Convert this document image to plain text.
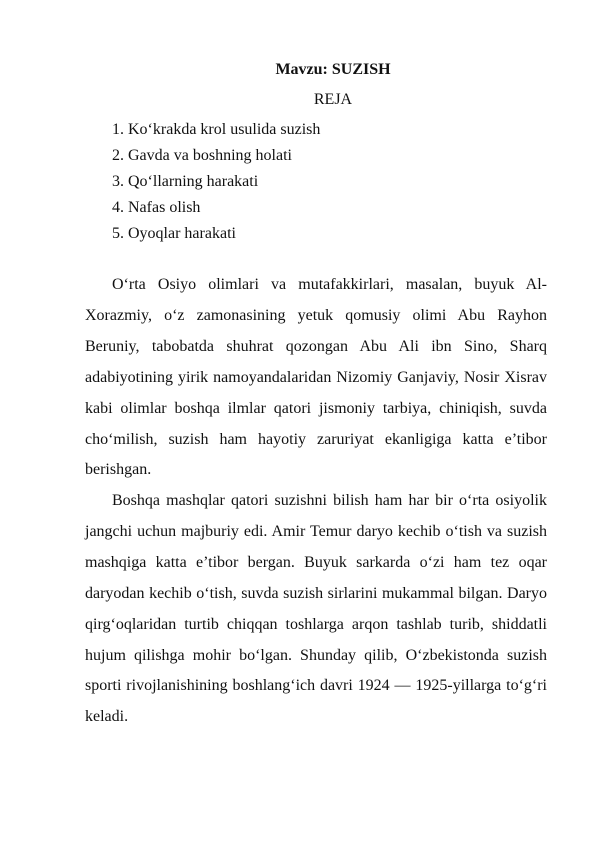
Mavzu: SUZISH
REJA
1. Ko‘krakda krol usulida suzish
2. Gavda va boshning holati
3. Qo‘llarning harakati
4. Nafas olish
5. Oyoqlar harakati

O‘rta Osiyo olimlari va mutafakkirlari, masalan, buyuk Al-Xorazmiy, o‘z zamonasining yetuk qomusiy olimi Abu Rayhon Beruniy, tabobatda shuhrat qozongan Abu Ali ibn Sino, Sharq adabiyotining yirik namoyandalaridan Nizomiy Ganjaviy, Nosir Xisrav kabi olimlar boshqa ilmlar qatori jismoniy tarbiya, chiniqish, suvda cho‘milish, suzish ham hayotiy zaruriyat ekanligiga katta e’tibor berishgan.

Boshqa mashqlar qatori suzishni bilish ham har bir o‘rta osiyolik jangchi uchun majburiy edi. Amir Temur daryo kechib o‘tish va suzish mashqiga katta e’tibor bergan. Buyuk sarkarda o‘zi ham tez oqar daryodan kechib o‘tish, suvda suzish sirlarini mukammal bilgan. Daryo qirg‘oqlaridan turtib chiqqan toshlarga arqon tashlab turib, shiddatli hujum qilishga mohir bo‘lgan. Shunday qilib, O‘zbekistonda suzish sporti rivojlanishining boshlang‘ich davri 1924 — 1925-yillarga to‘g‘ri keladi.
